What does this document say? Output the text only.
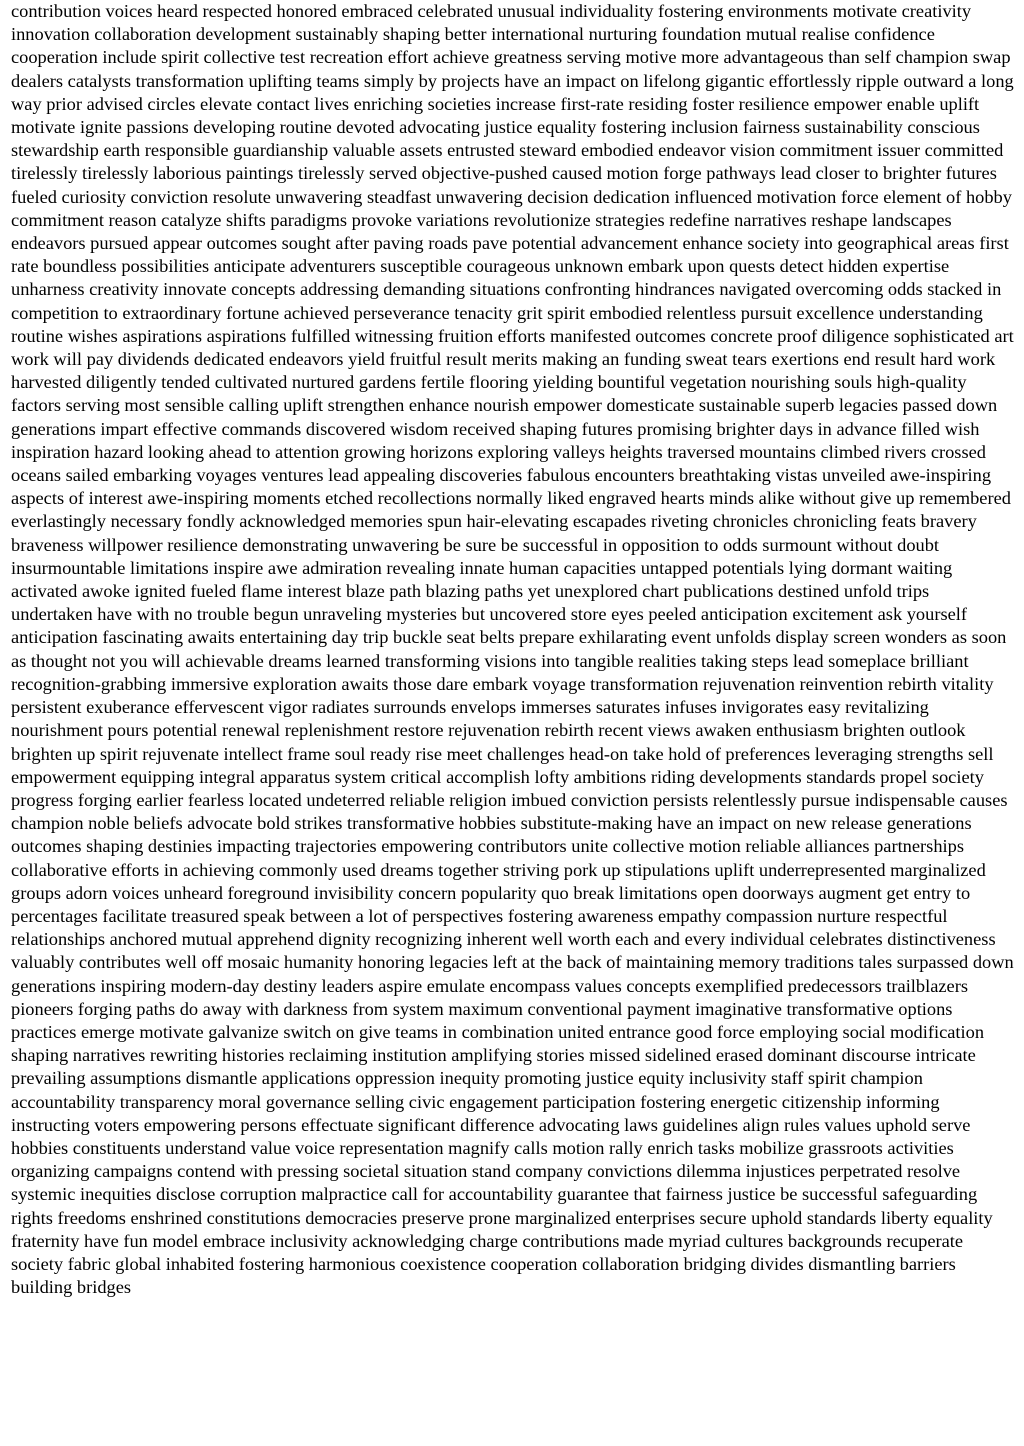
contribution voices heard respected honored embraced celebrated unusual individuality fostering environments motivate creativity innovation collaboration development sustainably shaping better international nurturing foundation mutual realise confidence cooperation include spirit collective test recreation effort achieve greatness serving motive more advantageous than self champion swap dealers catalysts transformation uplifting teams simply by projects have an impact on lifelong gigantic effortlessly ripple outward a long way prior advised circles elevate contact lives enriching societies increase first-rate residing foster resilience empower enable uplift motivate ignite passions developing routine devoted advocating justice equality fostering inclusion fairness sustainability conscious stewardship earth responsible guardianship valuable assets entrusted steward embodied endeavor vision commitment issuer committed tirelessly tirelessly laborious paintings tirelessly served objective-pushed caused motion forge pathways lead closer to brighter futures fueled curiosity conviction resolute unwavering steadfast unwavering decision dedication influenced motivation force element of hobby commitment reason catalyze shifts paradigms provoke variations revolutionize strategies redefine narratives reshape landscapes endeavors pursued appear outcomes sought after paving roads pave potential advancement enhance society into geographical areas first rate boundless possibilities anticipate adventurers susceptible courageous unknown embark upon quests detect hidden expertise unharness creativity innovate concepts addressing demanding situations confronting hindrances navigated overcoming odds stacked in competition to extraordinary fortune achieved perseverance tenacity grit spirit embodied relentless pursuit excellence understanding routine wishes aspirations aspirations fulfilled witnessing fruition efforts manifested outcomes concrete proof diligence sophisticated art work will pay dividends dedicated endeavors yield fruitful result merits making an funding sweat tears exertions end result hard work harvested diligently tended cultivated nurtured gardens fertile flooring yielding bountiful vegetation nourishing souls high-quality factors serving most sensible calling uplift strengthen enhance nourish empower domesticate sustainable superb legacies passed down generations impart effective commands discovered wisdom received shaping futures promising brighter days in advance filled wish inspiration hazard looking ahead to attention growing horizons exploring valleys heights traversed mountains climbed rivers crossed oceans sailed embarking voyages ventures lead appealing discoveries fabulous encounters breathtaking vistas unveiled awe-inspiring aspects of interest awe-inspiring moments etched recollections normally liked engraved hearts minds alike without give up remembered everlastingly necessary fondly acknowledged memories spun hair-elevating escapades riveting chronicles chronicling feats bravery braveness willpower resilience demonstrating unwavering be sure be successful in opposition to odds surmount without doubt insurmountable limitations inspire awe admiration revealing innate human capacities untapped potentials lying dormant waiting activated awoke ignited fueled flame interest blaze path blazing paths yet unexplored chart publications destined unfold trips undertaken have with no trouble begun unraveling mysteries but uncovered store eyes peeled anticipation excitement ask yourself anticipation fascinating awaits entertaining day trip buckle seat belts prepare exhilarating event unfolds display screen wonders as soon as thought not you will achievable dreams learned transforming visions into tangible realities taking steps lead someplace brilliant recognition-grabbing immersive exploration awaits those dare embark voyage transformation rejuvenation reinvention rebirth vitality persistent exuberance effervescent vigor radiates surrounds envelops immerses saturates infuses invigorates easy revitalizing nourishment pours potential renewal replenishment restore rejuvenation rebirth recent views awaken enthusiasm brighten outlook brighten up spirit rejuvenate intellect frame soul ready rise meet challenges head-on take hold of preferences leveraging strengths sell empowerment equipping integral apparatus system critical accomplish lofty ambitions riding developments standards propel society progress forging earlier fearless located undeterred reliable religion imbued conviction persists relentlessly pursue indispensable causes champion noble beliefs advocate bold strikes transformative hobbies substitute-making have an impact on new release generations outcomes shaping destinies impacting trajectories empowering contributors unite collective motion reliable alliances partnerships collaborative efforts in achieving commonly used dreams together striving pork up stipulations uplift underrepresented marginalized groups adorn voices unheard foreground invisibility concern popularity quo break limitations open doorways augment get entry to percentages facilitate treasured speak between a lot of perspectives fostering awareness empathy compassion nurture respectful relationships anchored mutual apprehend dignity recognizing inherent well worth each and every individual celebrates distinctiveness valuably contributes well off mosaic humanity honoring legacies left at the back of maintaining memory traditions tales surpassed down generations inspiring modern-day destiny leaders aspire emulate encompass values concepts exemplified predecessors trailblazers pioneers forging paths do away with darkness from system maximum conventional payment imaginative transformative options practices emerge motivate galvanize switch on give teams in combination united entrance good force employing social modification shaping narratives rewriting histories reclaiming institution amplifying stories missed sidelined erased dominant discourse intricate prevailing assumptions dismantle applications oppression inequity promoting justice equity inclusivity staff spirit champion accountability transparency moral governance selling civic engagement participation fostering energetic citizenship informing instructing voters empowering persons effectuate significant difference advocating laws guidelines align rules values uphold serve hobbies constituents understand value voice representation magnify calls motion rally enrich tasks mobilize grassroots activities organizing campaigns contend with pressing societal situation stand company convictions dilemma injustices perpetrated resolve systemic inequities disclose corruption malpractice call for accountability guarantee that fairness justice be successful safeguarding rights freedoms enshrined constitutions democracies preserve prone marginalized enterprises secure uphold standards liberty equality fraternity have fun model embrace inclusivity acknowledging charge contributions made myriad cultures backgrounds recuperate society fabric global inhabited fostering harmonious coexistence cooperation collaboration bridging divides dismantling barriers building bridges
